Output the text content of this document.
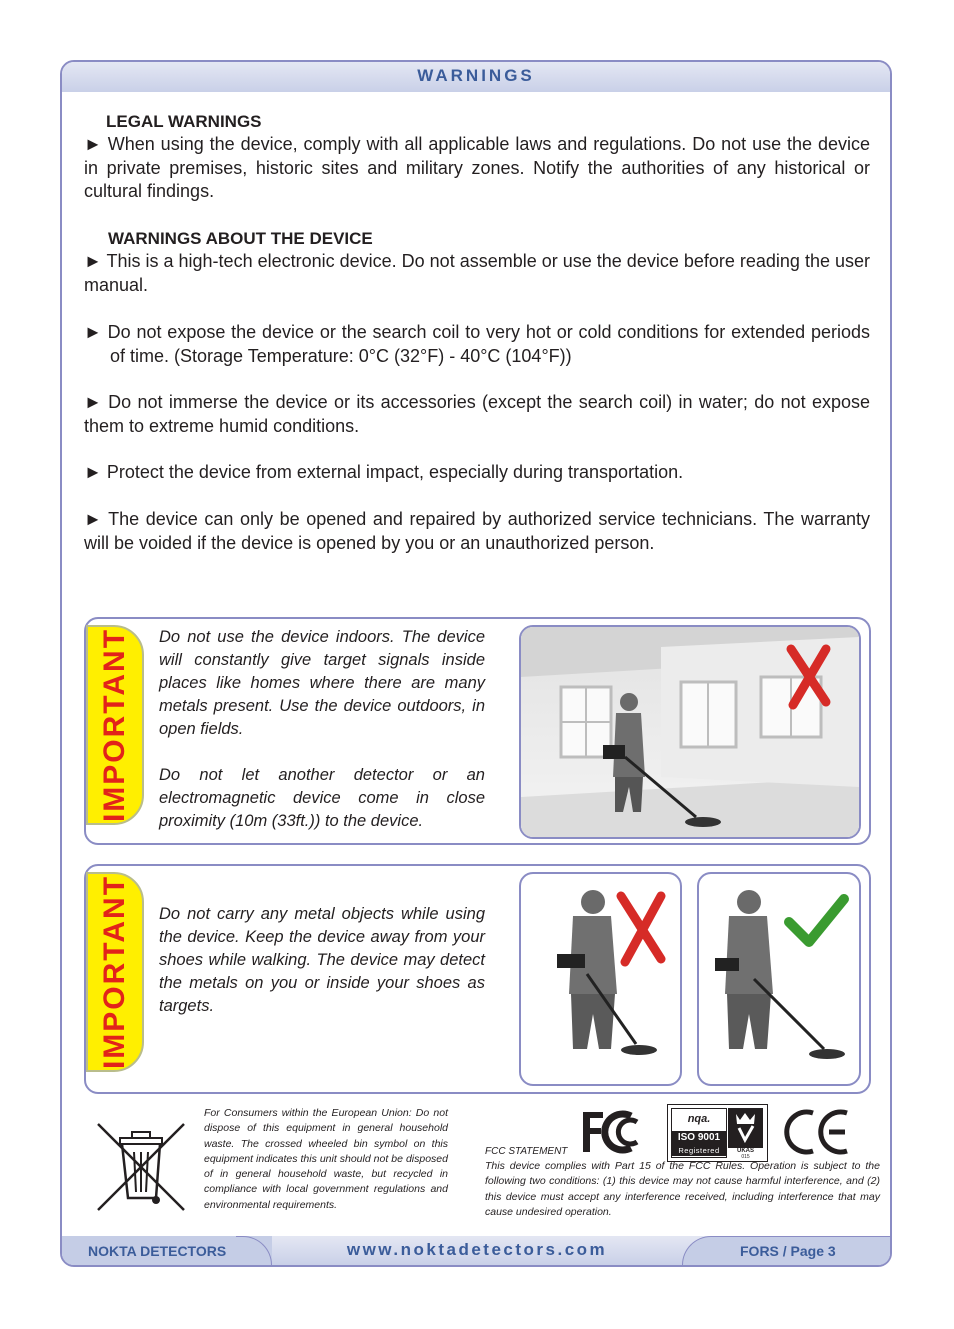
WARNINGS
LEGAL WARNINGS

► When using the device, comply with all applicable laws and regulations. Do not use the device in private premises, historic sites and military zones. Notify the authorities of any historical or cultural findings.

WARNINGS ABOUT THE DEVICE

► This is a high-tech electronic device. Do not assemble or use the device before reading the user manual.

► Do not expose the device or the search coil to very hot or cold conditions for extended periods of time. (Storage Temperature: 0°C (32°F) - 40°C (104°F))

► Do not immerse the device or its accessories (except the search coil) in water; do not expose them to extreme humid conditions.

► Protect the device from external impact, especially during transportation.

► The device can only be opened and repaired by authorized service technicians. The warranty will be voided if the device is opened by you or an unauthorized person.

IMPORTANT Do not use the device indoors. The device will constantly give target signals inside places like homes where there are many metals present. Use the device outdoors, in open fields.

Do not let another detector or an electromagnetic device come in close proximity (10m (33ft.)) to the device.

IMPORTANT Do not carry any metal objects while using the device. Keep the device away from your shoes while walking. The device may detect the metals on you or inside your shoes as targets.

For Consumers within the European Union: Do not dispose of this equipment in general household waste. The crossed wheeled bin symbol on this equipment indicates this unit should not be disposed of in general household waste, but recycled in compliance with local government regulations and environmental requirements.

nqa.
ISO 9001
Registered	UKAS
015
FCC STATEMENT

This device complies with Part 15 of the FCC Rules. Operation is subject to the following two conditions: (1) this device may not cause harmful interference, and (2) this device must accept any interference received, including interference that may cause undesired operation.

NOKTA DETECTORS	www.noktadetectors.com	FORS / Page 3
